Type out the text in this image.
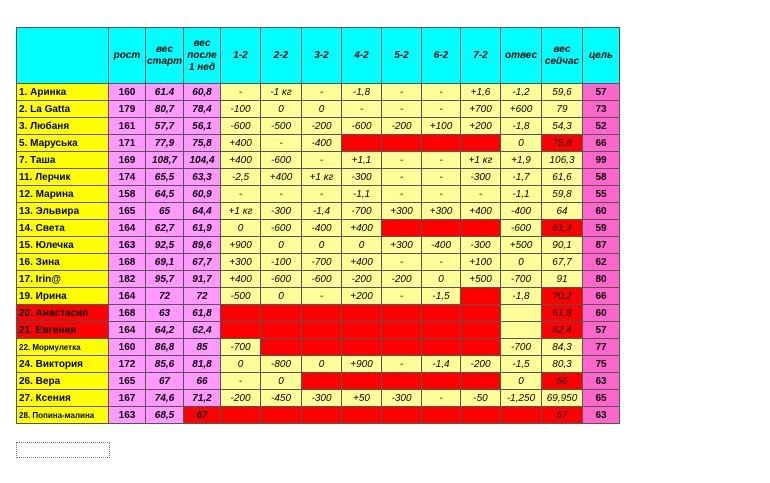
	рост	вес старт	вес после 1 нед	1-2	2-2	3-2	4-2	5-2	6-2	7-2	отвес	вес сейчас	цель
1. Аринка	160	61.4	60,8	-	-1 кг	-	-1,8	-	-	+1,6	-1,2	59,6	57
2. La Gatta	179	80,7	78,4	-100	0	0	-	-	-	+700	+600	79	73
3. Любаня	161	57,7	56,1	-600	-500	-200	-600	-200	+100	+200	-1,8	54,3	52
5. Маруська	171	77,9	75,8	+400	-	-400					0	75,8	66
7. Таша	169	108,7	104,4	+400	-600	-	+1,1	-	-	+1 кг	+1,9	106,3	99
11. Лерчик	174	65,5	63,3	-2,5	+400	+1 кг	-300	-	-	-300	-1,7	61,6	58
12. Марина	158	64,5	60,9	-	-	-	-1,1	-	-	-	-1,1	59,8	55
13. Эльвира	165	65	64,4	+1 кг	-300	-1,4	-700	+300	+300	+400	-400	64	60
14. Света	164	62,7	61,9	0	-600	-400	+400				-600	61,3	59
15. Юлечка	163	92,5	89,6	+900	0	0	0	+300	-400	-300	+500	90,1	87
16. Зина	168	69,1	67,7	+300	-100	-700	+400	-	-	+100	0	67,7	62
17. Irin@	182	95,7	91,7	+400	-600	-600	-200	-200	0	+500	-700	91	80
19. Ирина	164	72	72	-500	0	-	+200	-	-1,5		-1,8	70,2	66
20. Анастасия	168	63	61,8									61,8	60
21. Евгения	164	64,2	62,4									62,4	57
22. Мормулетка	160	86,8	85	-700							-700	84,3	77
24. Виктория	172	85,6	81,8	0	-800	0	+900	-	-1,4	-200	-1,5	80,3	75
26. Вера	165	67	66	-	0						0	66	63
27. Ксения	167	74,6	71,2	-200	-450	-300	+50	-300	-	-50	-1,250	69,950	65
28. Попина-малина	163	68,5	67									67	63
